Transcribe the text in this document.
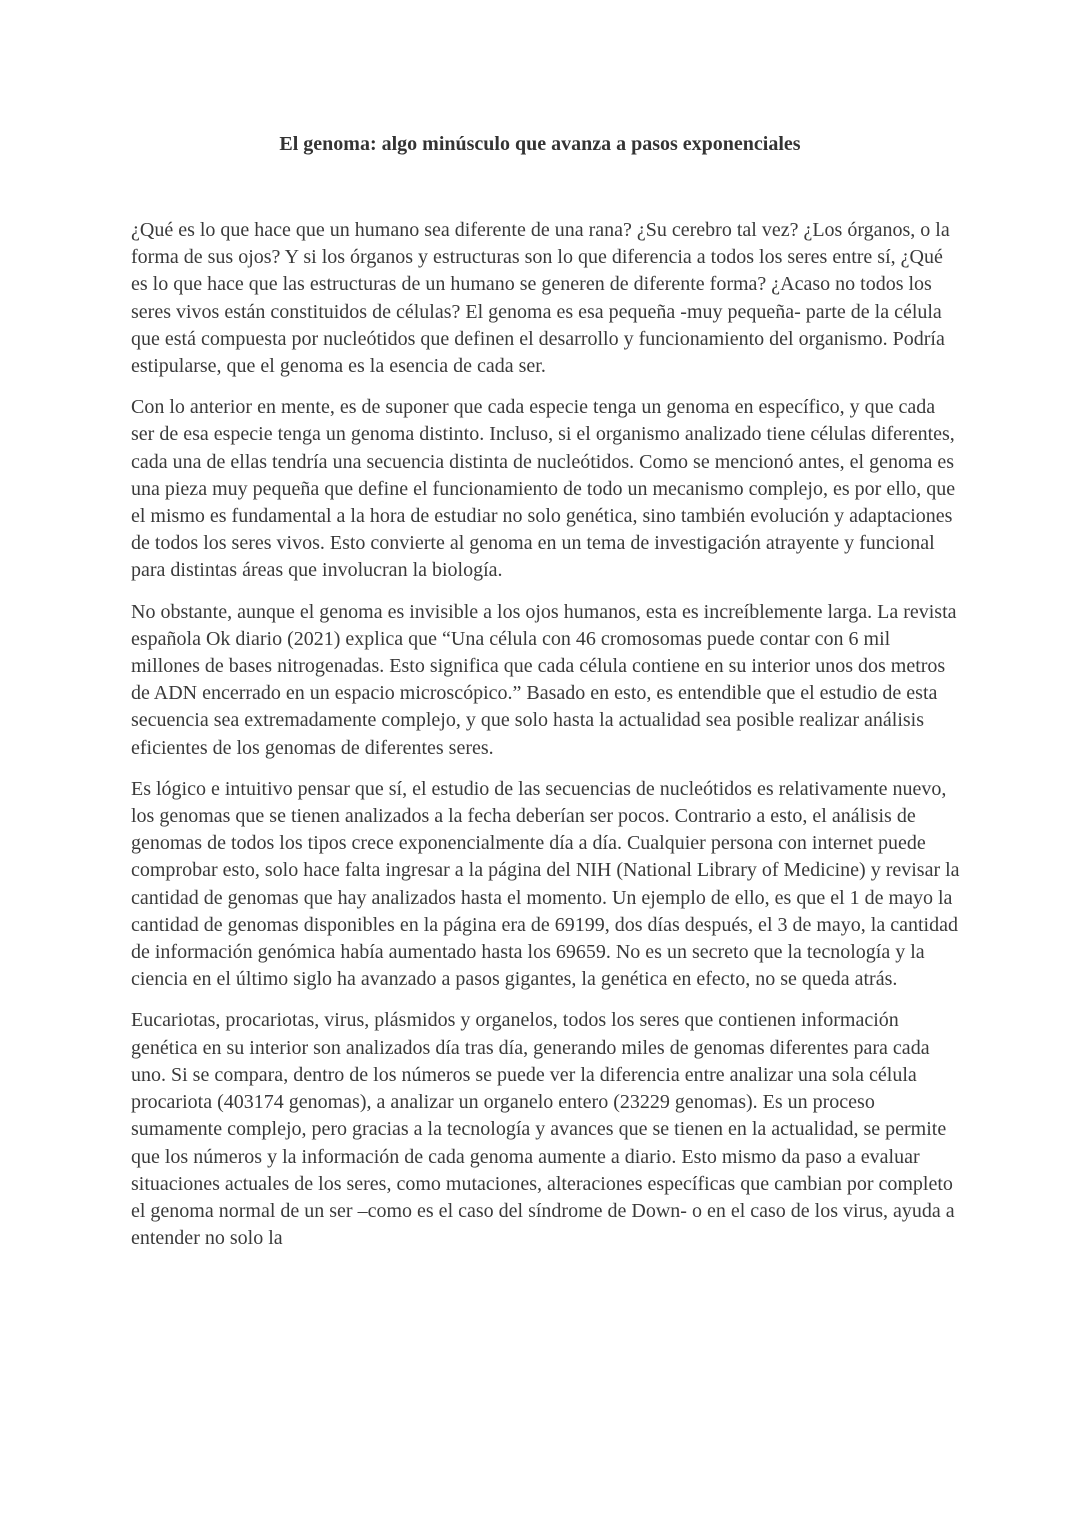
El genoma: algo minúsculo que avanza a pasos exponenciales

¿Qué es lo que hace que un humano sea diferente de una rana? ¿Su cerebro tal vez? ¿Los órganos, o la forma de sus ojos? Y si los órganos y estructuras son lo que diferencia a todos los seres entre sí, ¿Qué es lo que hace que las estructuras de un humano se generen de diferente forma? ¿Acaso no todos los seres vivos están constituidos de células? El genoma es esa pequeña -muy pequeña- parte de la célula que está compuesta por nucleótidos que definen el desarrollo y funcionamiento del organismo. Podría estipularse, que el genoma es la esencia de cada ser.

Con lo anterior en mente, es de suponer que cada especie tenga un genoma en específico, y que cada ser de esa especie tenga un genoma distinto. Incluso, si el organismo analizado tiene células diferentes, cada una de ellas tendría una secuencia distinta de nucleótidos. Como se mencionó antes, el genoma es una pieza muy pequeña que define el funcionamiento de todo un mecanismo complejo, es por ello, que el mismo es fundamental a la hora de estudiar no solo genética, sino también evolución y adaptaciones de todos los seres vivos. Esto convierte al genoma en un tema de investigación atrayente y funcional para distintas áreas que involucran la biología.

No obstante, aunque el genoma es invisible a los ojos humanos, esta es increíblemente larga. La revista española Ok diario (2021) explica que “Una célula con 46 cromosomas puede contar con 6 mil millones de bases nitrogenadas. Esto significa que cada célula contiene en su interior unos dos metros de ADN encerrado en un espacio microscópico.” Basado en esto, es entendible que el estudio de esta secuencia sea extremadamente complejo, y que solo hasta la actualidad sea posible realizar análisis eficientes de los genomas de diferentes seres.

Es lógico e intuitivo pensar que sí, el estudio de las secuencias de nucleótidos es relativamente nuevo, los genomas que se tienen analizados a la fecha deberían ser pocos. Contrario a esto, el análisis de genomas de todos los tipos crece exponencialmente día a día. Cualquier persona con internet puede comprobar esto, solo hace falta ingresar a la página del NIH (National Library of Medicine) y revisar la cantidad de genomas que hay analizados hasta el momento. Un ejemplo de ello, es que el 1 de mayo la cantidad de genomas disponibles en la página era de 69199, dos días después, el 3 de mayo, la cantidad de información genómica había aumentado hasta los 69659. No es un secreto que la tecnología y la ciencia en el último siglo ha avanzado a pasos gigantes, la genética en efecto, no se queda atrás.

Eucariotas, procariotas, virus, plásmidos y organelos, todos los seres que contienen información genética en su interior son analizados día tras día, generando miles de genomas diferentes para cada uno. Si se compara, dentro de los números se puede ver la diferencia entre analizar una sola célula procariota (403174 genomas), a analizar un organelo entero (23229 genomas). Es un proceso sumamente complejo, pero gracias a la tecnología y avances que se tienen en la actualidad, se permite que los números y la información de cada genoma aumente a diario. Esto mismo da paso a evaluar situaciones actuales de los seres, como mutaciones, alteraciones específicas que cambian por completo el genoma normal de un ser –como es el caso del síndrome de Down- o en el caso de los virus, ayuda a entender no solo la
